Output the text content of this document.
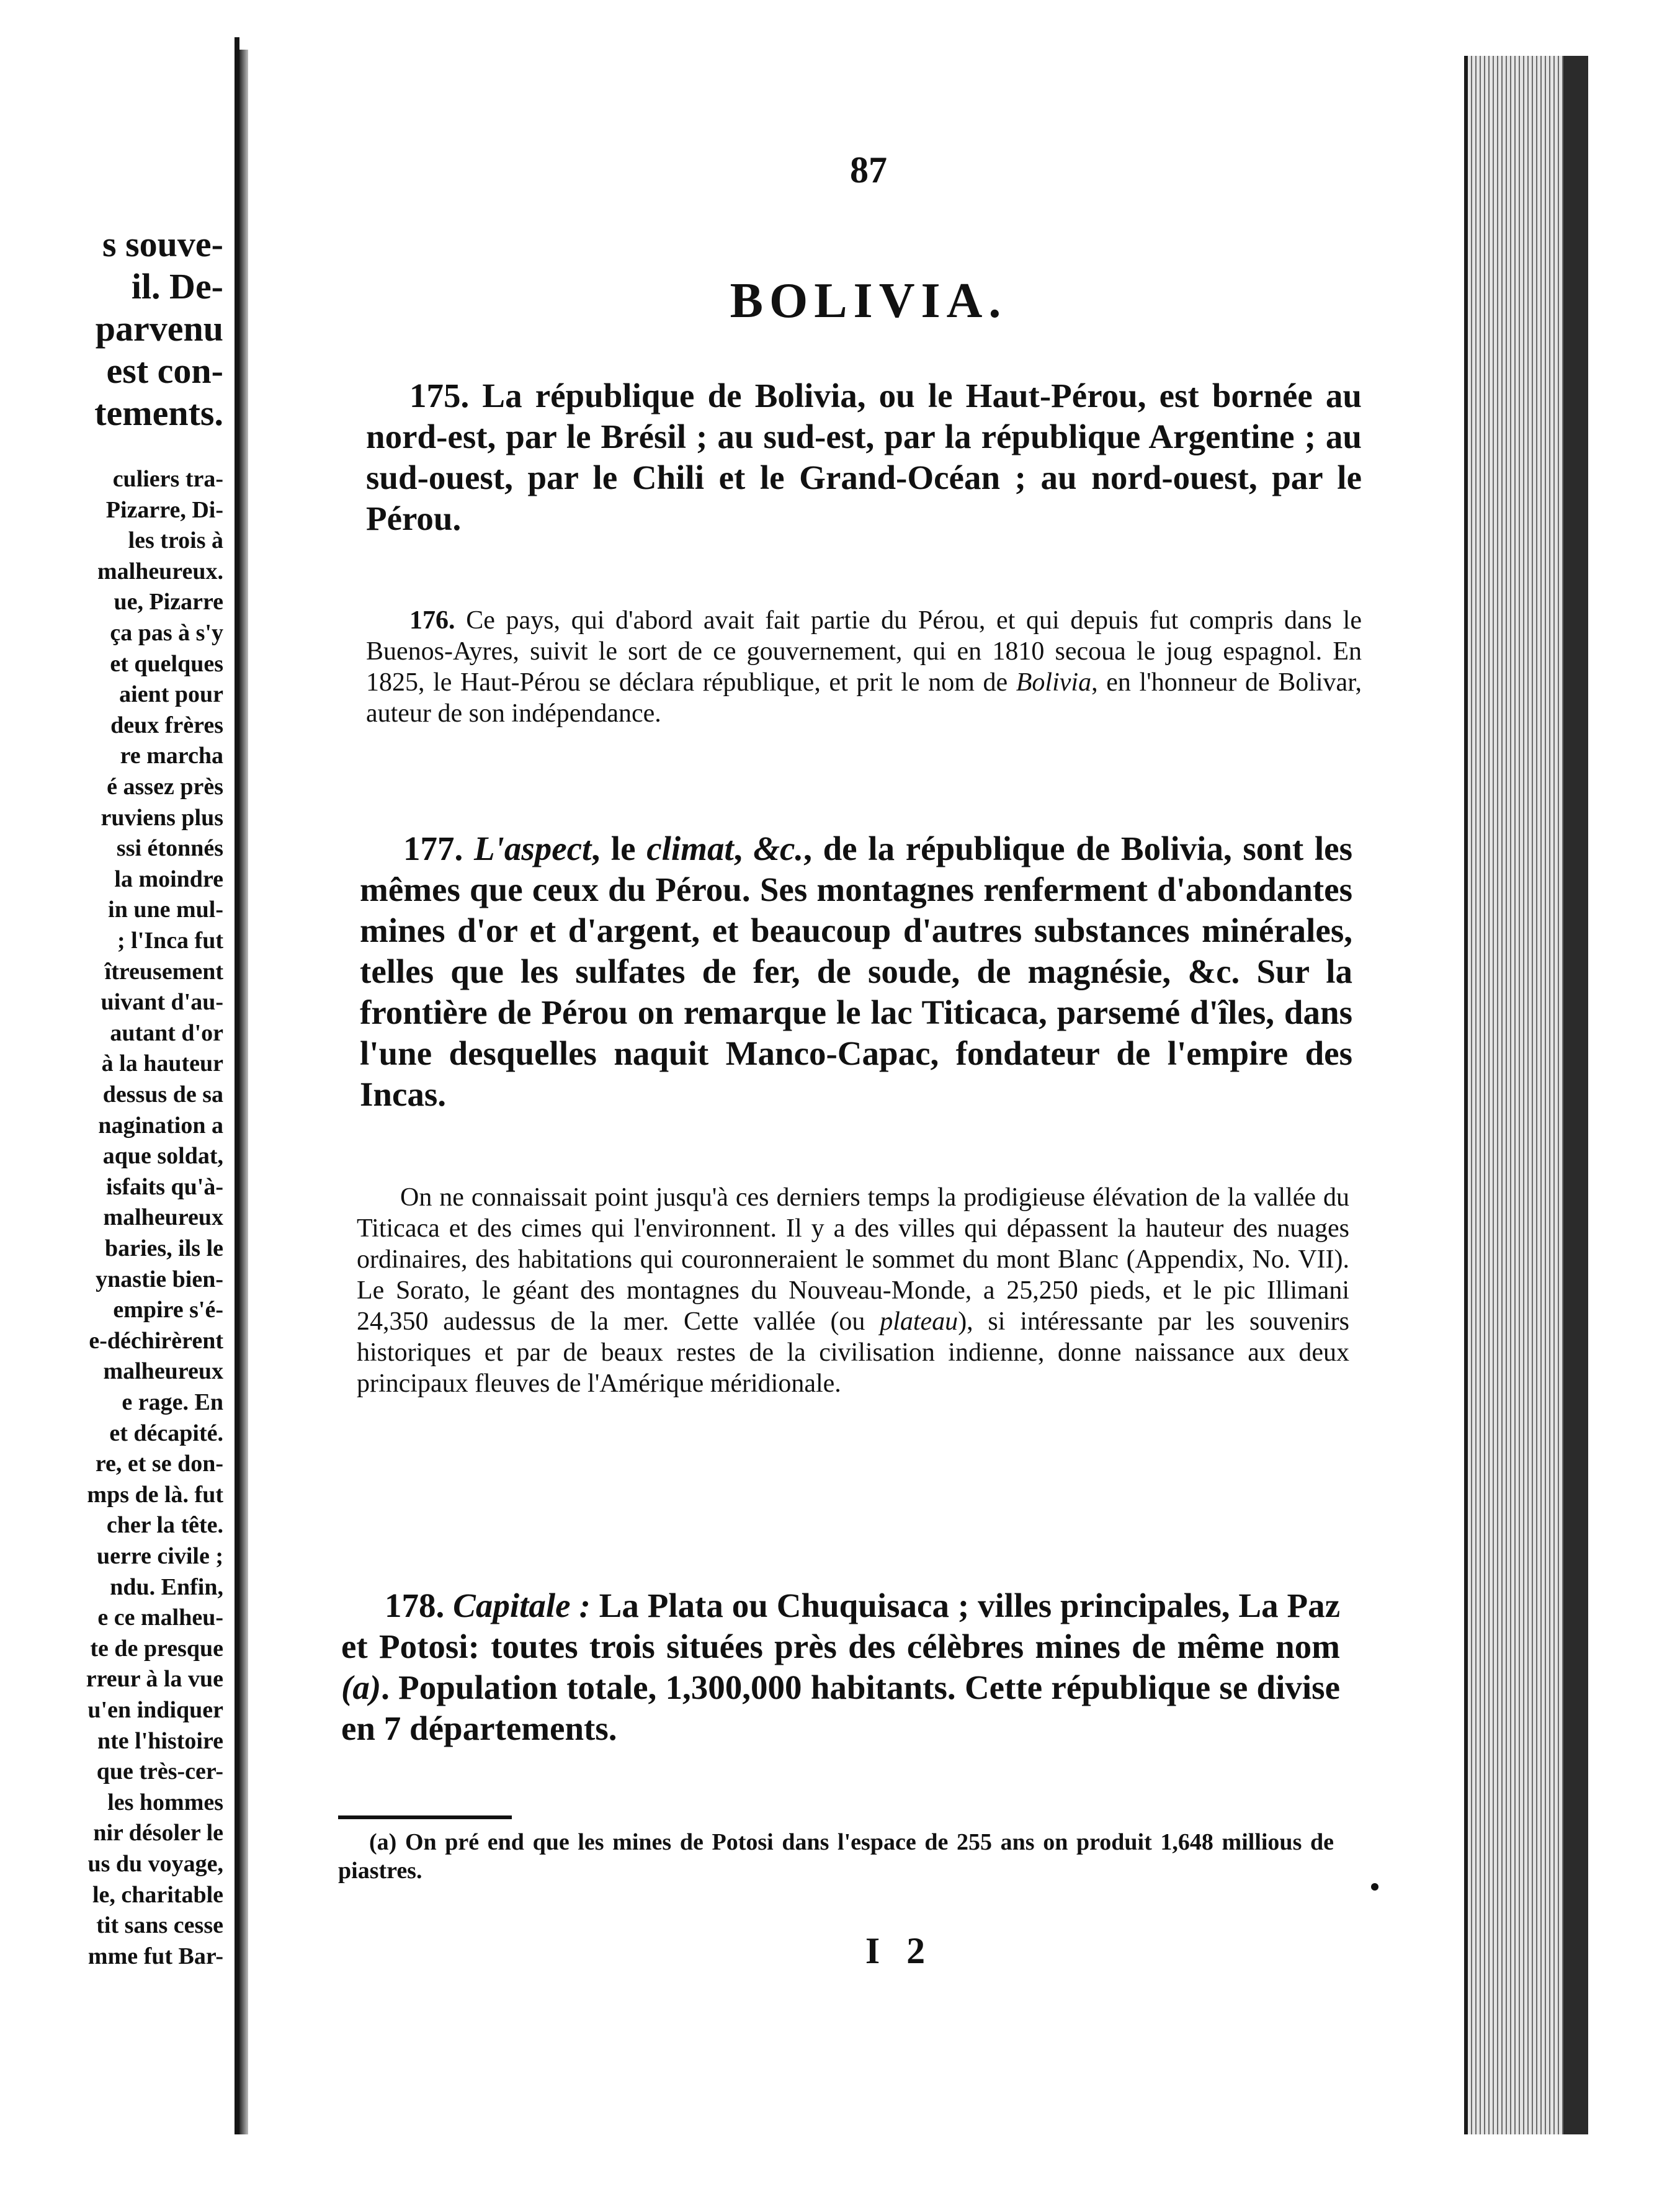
s souve-
il. De-
parvenu
est con-
tements.
culiers tra-
Pizarre, Di-
les trois à
malheureux.
ue, Pizarre
ça pas à s'y
et quelques
aient pour
deux frères
re marcha
é assez près
ruviens plus
ssi étonnés
la moindre
in une mul-
; l'Inca fut
îtreusement
uivant d'au-
autant d'or
à la hauteur
dessus de sa
nagination a
aque soldat,
isfaits qu'à-
malheureux
baries, ils le
ynastie bien-
empire s'é-
e-déchirèrent
malheureux
e rage. En
et décapité.
re, et se don-
mps de là. fut
cher la tête.
uerre civile ;
ndu. Enfin,
e ce malheu-
te de presque
rreur à la vue
u'en indiquer
nte l'histoire
que très-cer-
les hommes
nir désoler le
us du voyage,
le, charitable
tit sans cesse
mme fut Bar-
87
BOLIVIA.

175. La république de Bolivia, ou le Haut-Pérou, est bornée au nord-est, par le Brésil ; au sud-est, par la république Argentine ; au sud-ouest, par le Chili et le Grand-Océan ; au nord-ouest, par le Pérou.

176. Ce pays, qui d'abord avait fait partie du Pérou, et qui depuis fut compris dans le Buenos-Ayres, suivit le sort de ce gouvernement, qui en 1810 secoua le joug espagnol. En 1825, le Haut-Pérou se déclara république, et prit le nom de Bolivia, en l'honneur de Bolivar, auteur de son indépendance.

177. L'aspect, le climat, &c., de la république de Bolivia, sont les mêmes que ceux du Pérou. Ses montagnes renferment d'abondantes mines d'or et d'argent, et beaucoup d'autres substances minérales, telles que les sulfates de fer, de soude, de magnésie, &c. Sur la frontière de Pérou on remarque le lac Titicaca, parsemé d'îles, dans l'une desquelles naquit Manco-Capac, fondateur de l'empire des Incas.

On ne connaissait point jusqu'à ces derniers temps la prodigieuse élévation de la vallée du Titicaca et des cimes qui l'environnent. Il y a des villes qui dépassent la hauteur des nuages ordinaires, des habitations qui couronneraient le sommet du mont Blanc (Appendix, No. VII). Le Sorato, le géant des montagnes du Nouveau-Monde, a 25,250 pieds, et le pic Illimani 24,350 audessus de la mer. Cette vallée (ou plateau), si intéressante par les souvenirs historiques et par de beaux restes de la civilisation indienne, donne naissance aux deux principaux fleuves de l'Amérique méridionale.

178. Capitale : La Plata ou Chuquisaca ; villes principales, La Paz et Potosi: toutes trois situées près des célèbres mines de même nom (a). Population totale, 1,300,000 habitants. Cette république se divise en 7 départements.

(a) On pré end que les mines de Potosi dans l'espace de 255 ans on produit 1,648 millious de piastres.

I 2
